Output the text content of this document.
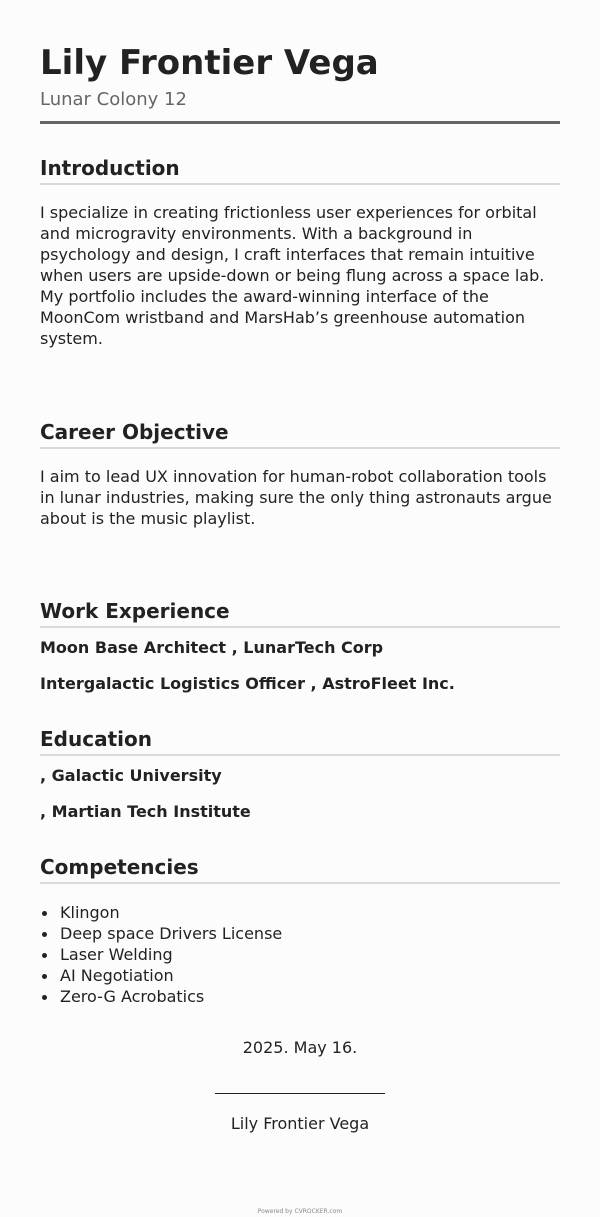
Lily Frontier Vega
Lunar Colony 12
Introduction

I specialize in creating frictionless user experiences for orbital and microgravity environments. With a background in psychology and design, I craft interfaces that remain intuitive when users are upside-down or being flung across a space lab. My portfolio includes the award-winning interface of the MoonCom wristband and MarsHab’s greenhouse automation system.

Career Objective

I aim to lead UX innovation for human-robot collaboration tools in lunar industries, making sure the only thing astronauts argue about is the music playlist.

Work Experience
Moon Base Architect , LunarTech Corp
Intergalactic Logistics Officer , AstroFleet Inc.
Education
, Galactic University
, Martian Tech Institute
Competencies
Klingon
Deep space Drivers License
Laser Welding
AI Negotiation
Zero-G Acrobatics
2025. May 16.
Lily Frontier Vega
Powered by CVROCKER.com
